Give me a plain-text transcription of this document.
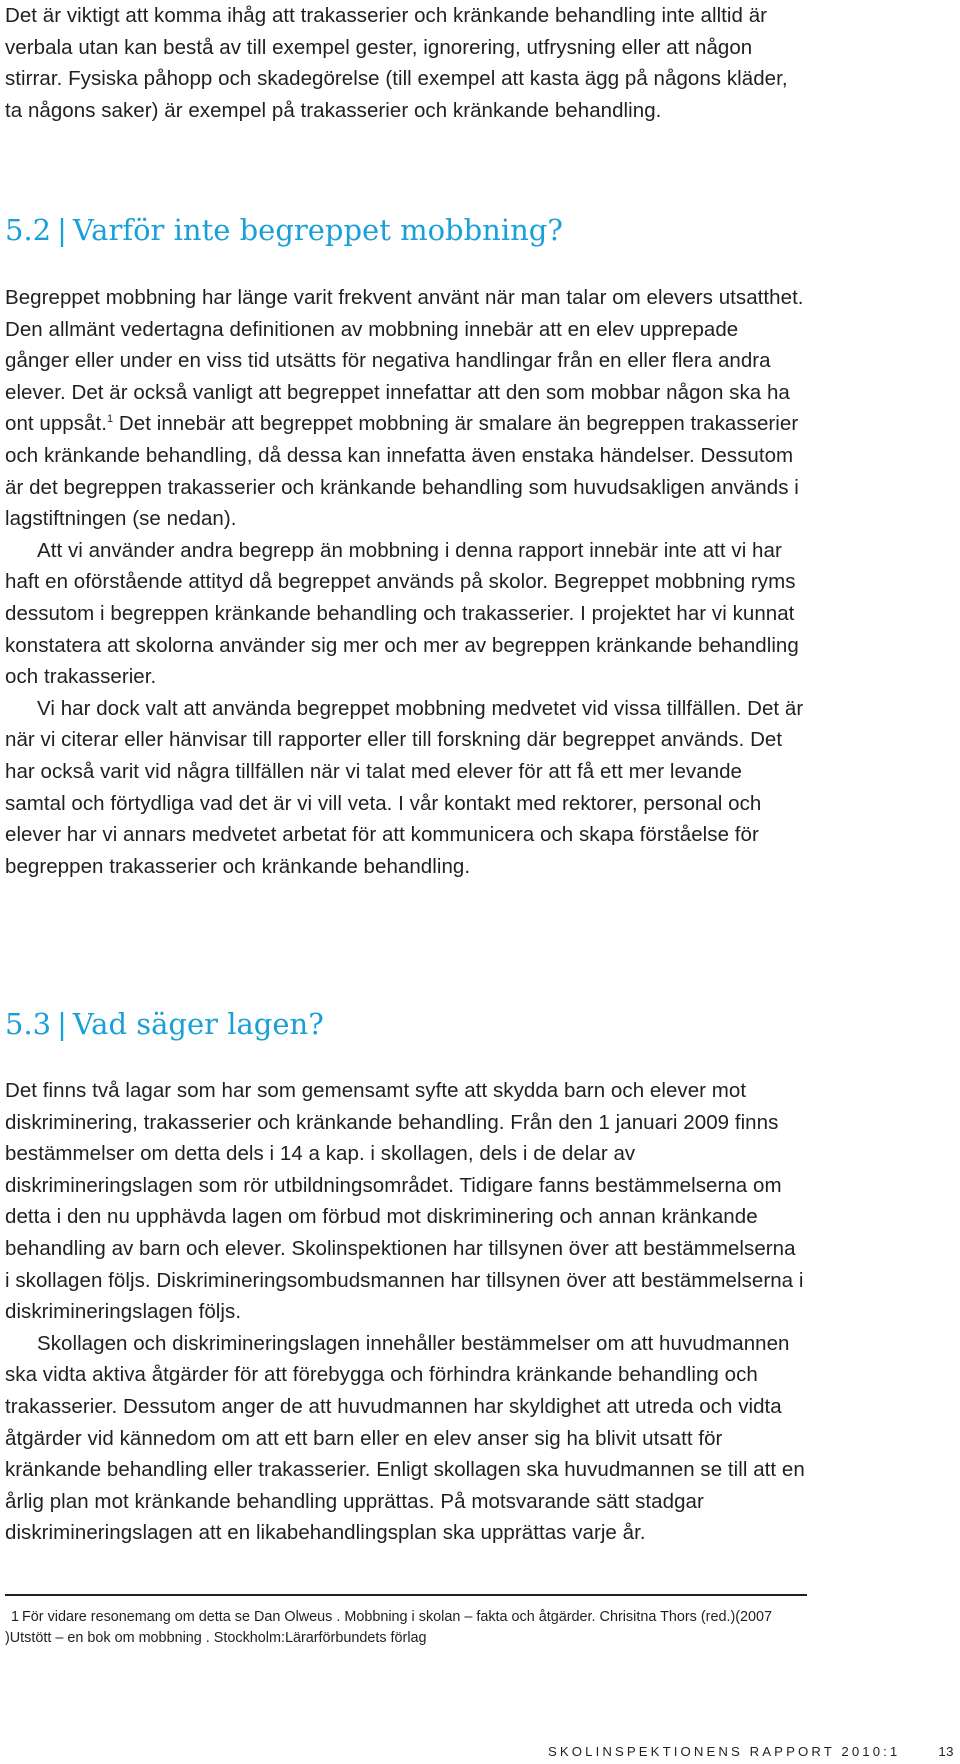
Det är viktigt att komma ihåg att trakasserier och kränkande behandling inte alltid är verbala utan kan bestå av till exempel gester, ignorering, utfrysning eller att någon stirrar. Fysiska påhopp och skadegörelse (till exempel att kasta ägg på någons kläder, ta någons saker) är exempel på trakasserier och kränkande behandling.

5.2 | Varför inte begreppet mobbning?

Begreppet mobbning har länge varit frekvent använt när man talar om elevers utsatthet. Den allmänt vedertagna definitionen av mobbning innebär att en elev upprepade gånger eller under en viss tid utsätts för negativa handlingar från en eller flera andra elever. Det är också vanligt att begreppet innefattar att den som mobbar någon ska ha ont uppsåt.$^1$ Det innebär att begreppet mobbning är smalare än begreppen trakasserier och kränkande behandling, då dessa kan innefatta även enstaka händelser. Dessutom är det begreppen trakasserier och kränkande behandling som huvudsakligen används i lagstiftningen (se nedan).

Att vi använder andra begrepp än mobbning i denna rapport innebär inte att vi har haft en oförstående attityd då begreppet används på skolor. Begreppet mobbning ryms dessutom i begreppen kränkande behandling och trakasserier. I projektet har vi kunnat konstatera att skolorna använder sig mer och mer av begreppen kränkande behandling och trakasserier.

Vi har dock valt att använda begreppet mobbning medvetet vid vissa tillfällen. Det är när vi citerar eller hänvisar till rapporter eller till forskning där begreppet används. Det har också varit vid några tillfällen när vi talat med elever för att få ett mer levande samtal och förtydliga vad det är vi vill veta. I vår kontakt med rektorer, personal och elever har vi annars medvetet arbetat för att kommunicera och skapa förståelse för begreppen trakasserier och kränkande behandling.

5.3 | Vad säger lagen?

Det finns två lagar som har som gemensamt syfte att skydda barn och elever mot diskriminering, trakasserier och kränkande behandling. Från den 1 januari 2009 finns bestämmelser om detta dels i 14 a kap. i skollagen, dels i de delar av diskrimineringslagen som rör utbildningsområdet. Tidigare fanns bestämmelserna om detta i den nu upphävda lagen om förbud mot diskriminering och annan kränkande behandling av barn och elever. Skolinspektionen har tillsynen över att bestämmelserna i skollagen följs. Diskrimineringsombudsmannen har tillsynen över att bestämmelserna i diskrimineringslagen följs.

Skollagen och diskrimineringslagen innehåller bestämmelser om att huvudmannen ska vidta aktiva åtgärder för att förebygga och förhindra kränkande behandling och trakasserier. Dessutom anger de att huvudmannen har skyldighet att utreda och vidta åtgärder vid kännedom om att ett barn eller en elev anser sig ha blivit utsatt för kränkande behandling eller trakasserier. Enligt skollagen ska huvudmannen se till att en årlig plan mot kränkande behandling upprättas. På motsvarande sätt stadgar diskrimineringslagen att en likabehandlingsplan ska upprättas varje år.

1 För vidare resonemang om detta se Dan Olweus . Mobbning i skolan – fakta och åtgärder. Chrisitna Thors (red.)(2007 )Utstött – en bok om mobbning . Stockholm:Lärarförbundets förlag

SKOLINSPEKTIONENS RAPPORT 2010:1	13
